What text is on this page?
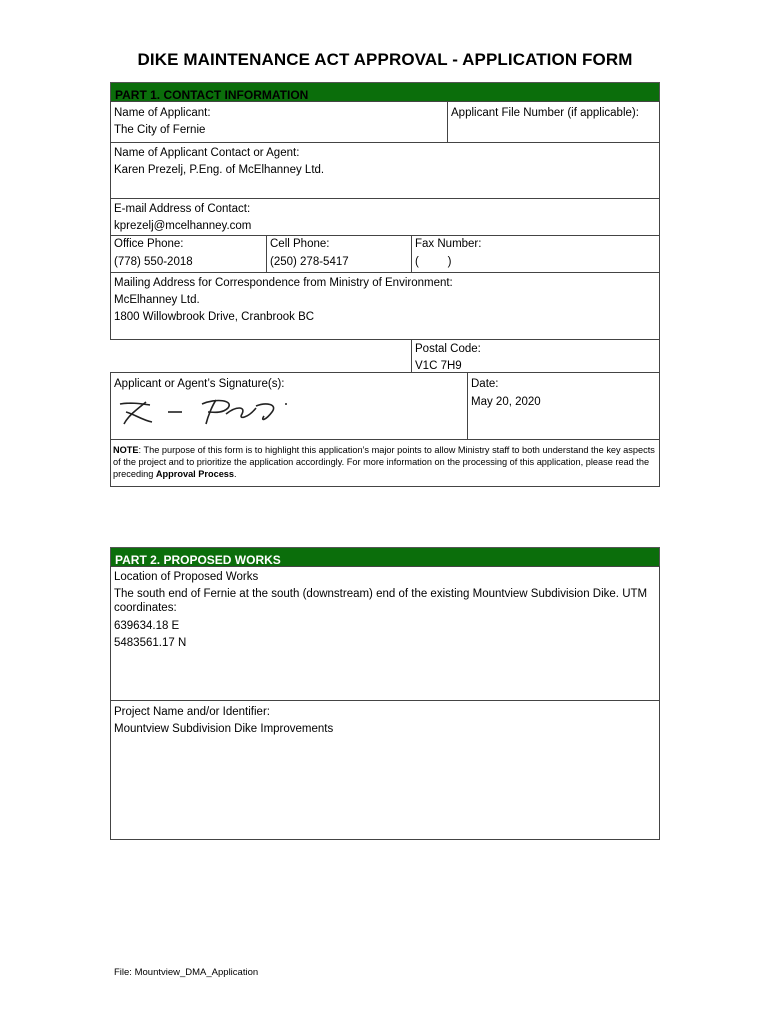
DIKE MAINTENANCE ACT APPROVAL - APPLICATION FORM
PART 1. CONTACT INFORMATION
Name of Applicant:
The City of Fernie
Applicant File Number (if applicable):
Name of Applicant Contact or Agent:
Karen Prezelj, P.Eng. of McElhanney Ltd.
E-mail Address of Contact:
kprezelj@mcelhanney.com
Office Phone:
(778) 550-2018
Cell Phone:
(250) 278-5417
Fax Number:
(         )
Mailing Address for Correspondence from Ministry of Environment:
McElhanney Ltd.
1800 Willowbrook Drive, Cranbrook BC
Postal Code:
V1C 7H9
Applicant or Agent’s Signature(s):	Date:
May 20, 2020
NOTE: The purpose of this form is to highlight this application’s major points to allow Ministry staff to both understand the key aspects of the project and to prioritize the application accordingly. For more information on the processing of this application, please read the preceding Approval Process.
PART 2. PROPOSED WORKS
Location of Proposed Works
The south end of Fernie at the south (downstream) end of the existing Mountview Subdivision Dike. UTM
coordinates:
639634.18 E
5483561.17 N
Project Name and/or Identifier:
Mountview Subdivision Dike Improvements
File: Mountview_DMA_Application
